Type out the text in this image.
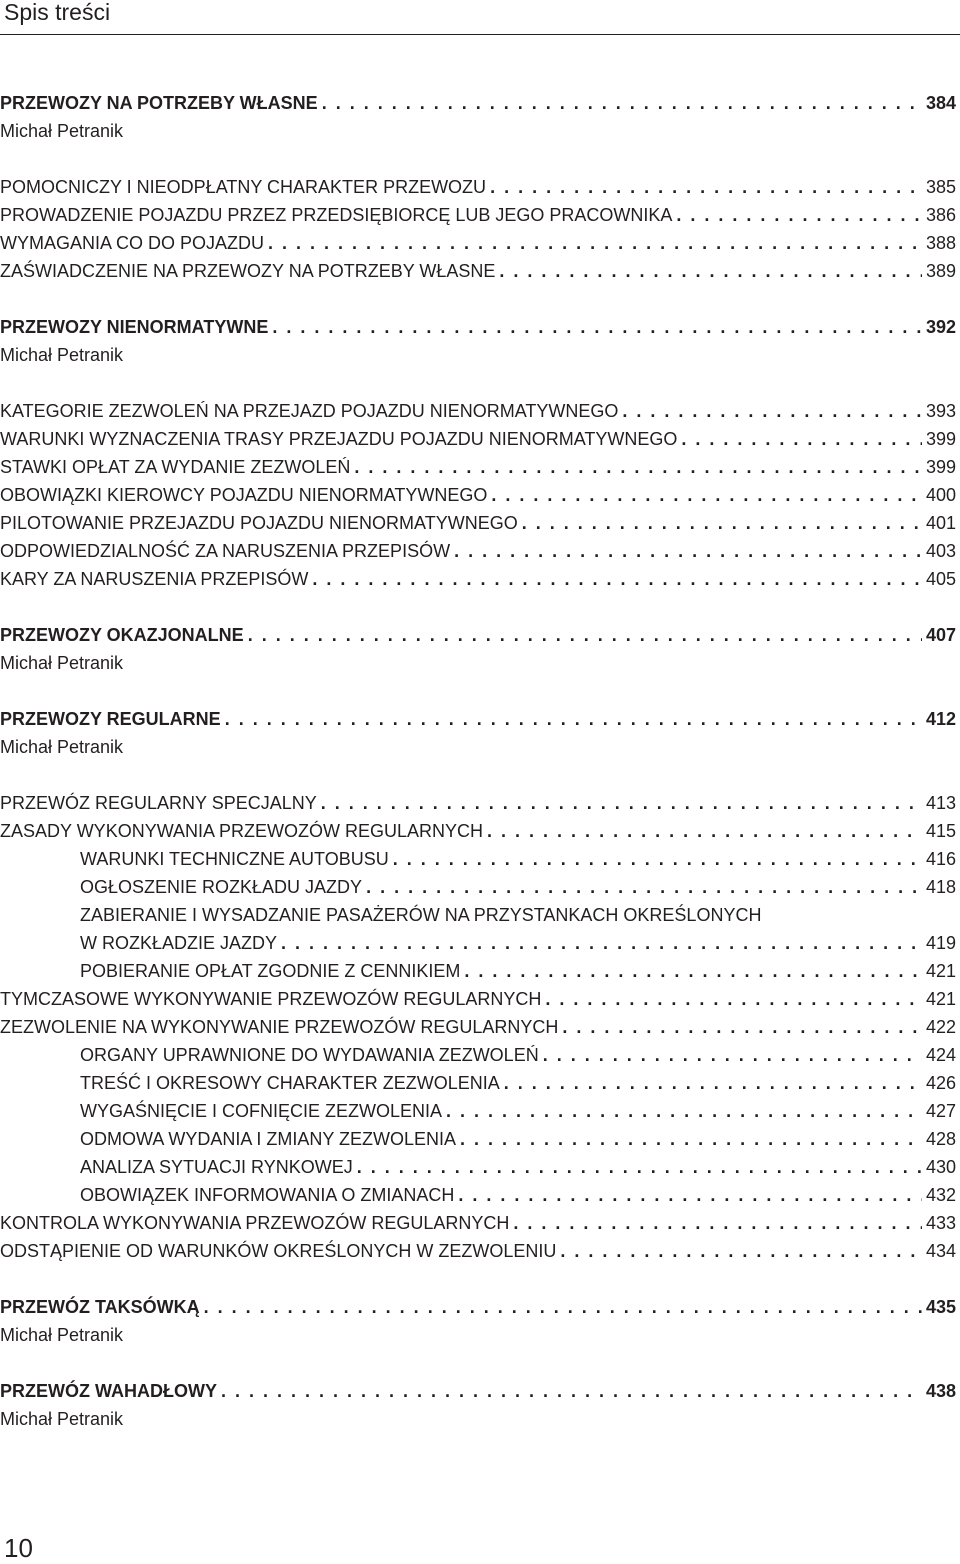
Spis treści
PRZEWOZY NA POTRZEBY WŁASNE . . .	384
Michał Petranik
POMOCNICZY I NIEODPŁATNY CHARAKTER PRZEWOZU . . .	385
PROWADZENIE POJAZDU PRZEZ PRZEDSIĘBIORCĘ LUB JEGO PRACOWNIKA . . .	386
WYMAGANIA CO DO POJAZDU . . .	388
ZAŚWIADCZENIE NA PRZEWOZY NA POTRZEBY WŁASNE . . .	389
PRZEWOZY NIENORMATYWNE . . .	392
Michał Petranik
KATEGORIE ZEZWOLEŃ NA PRZEJAZD POJAZDU NIENORMATYWNEGO . . .	393
WARUNKI WYZNACZENIA TRASY PRZEJAZDU POJAZDU NIENORMATYWNEGO . . .	399
STAWKI OPŁAT ZA WYDANIE ZEZWOLEŃ . . .	399
OBOWIĄZKI KIEROWCY POJAZDU NIENORMATYWNEGO . . .	400
PILOTOWANIE PRZEJAZDU POJAZDU NIENORMATYWNEGO . . .	401
ODPOWIEDZIALNOŚĆ ZA NARUSZENIA PRZEPISÓW . . .	403
KARY ZA NARUSZENIA PRZEPISÓW . . .	405
PRZEWOZY OKAZJONALNE . . .	407
Michał Petranik
PRZEWOZY REGULARNE . . .	412
Michał Petranik
PRZEWÓZ REGULARNY SPECJALNY . . .	413
ZASADY WYKONYWANIA PRZEWOZÓW REGULARNYCH . . .	415
WARUNKI TECHNICZNE AUTOBUSU . . .	416
OGŁOSZENIE ROZKŁADU JAZDY . . .	418
ZABIERANIE I WYSADZANIE PASAŻERÓW NA PRZYSTANKACH OKREŚLONYCH
W ROZKŁADZIE JAZDY . . .	419
POBIERANIE OPŁAT ZGODNIE Z CENNIKIEM . . .	421
TYMCZASOWE WYKONYWANIE PRZEWOZÓW REGULARNYCH . . .	421
ZEZWOLENIE NA WYKONYWANIE PRZEWOZÓW REGULARNYCH . . .	422
ORGANY UPRAWNIONE DO WYDAWANIA ZEZWOLEŃ . . .	424
TREŚĆ I OKRESOWY CHARAKTER ZEZWOLENIA . . .	426
WYGAŚNIĘCIE I COFNIĘCIE ZEZWOLENIA . . .	427
ODMOWA WYDANIA I ZMIANY ZEZWOLENIA . . .	428
ANALIZA SYTUACJI RYNKOWEJ . . .	430
OBOWIĄZEK INFORMOWANIA O ZMIANACH . . .	432
KONTROLA WYKONYWANIA PRZEWOZÓW REGULARNYCH . . .	433
ODSTĄPIENIE OD WARUNKÓW OKREŚLONYCH W ZEZWOLENIU . . .	434
PRZEWÓZ TAKSÓWKĄ . . .	435
Michał Petranik
PRZEWÓZ WAHADŁOWY . . .	438
Michał Petranik
10
